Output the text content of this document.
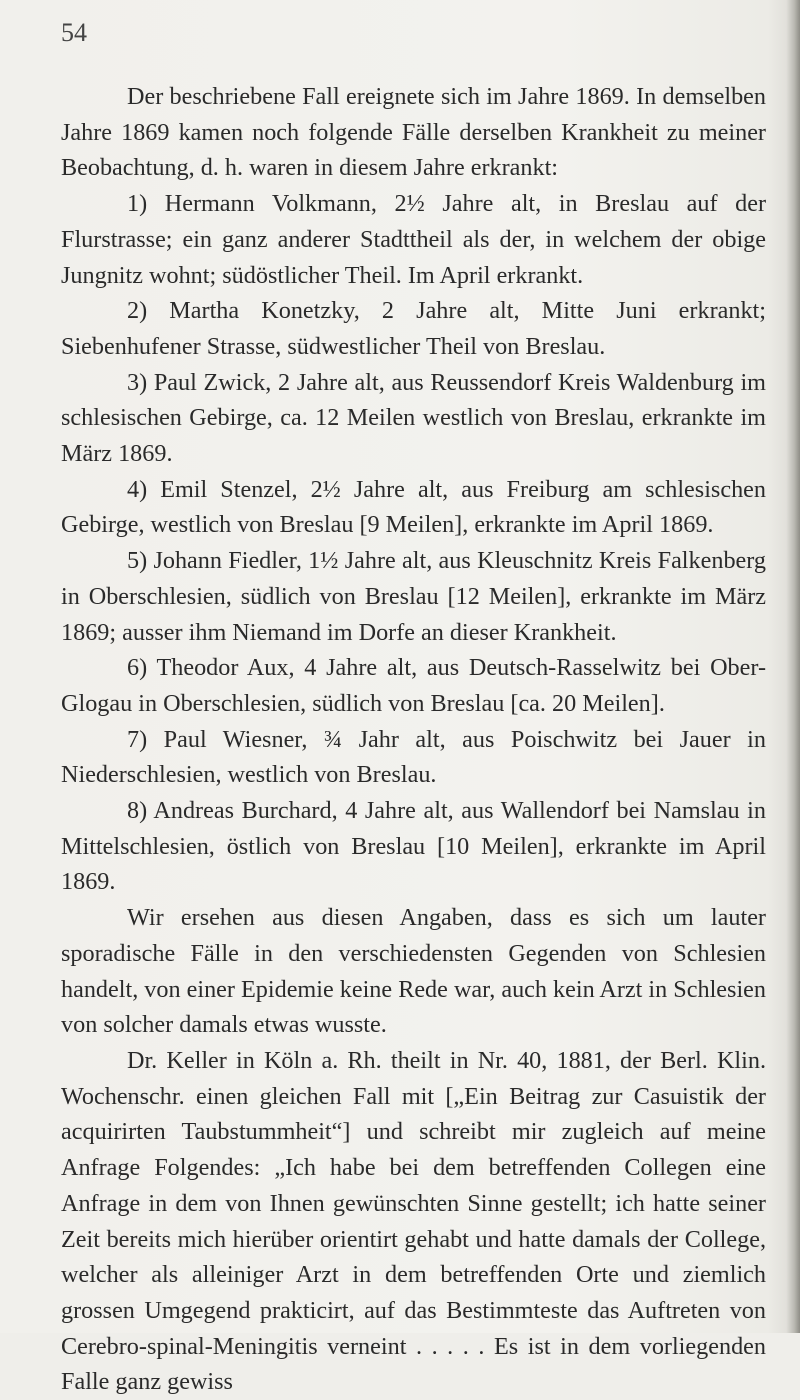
54

Der beschriebene Fall ereignete sich im Jahre 1869. In demselben Jahre 1869 kamen noch folgende Fälle derselben Krankheit zu meiner Beobachtung, d. h. waren in diesem Jahre erkrankt:

1) Hermann Volkmann, 2½ Jahre alt, in Breslau auf der Flurstrasse; ein ganz anderer Stadttheil als der, in welchem der obige Jungnitz wohnt; südöstlicher Theil. Im April erkrankt.

2) Martha Konetzky, 2 Jahre alt, Mitte Juni erkrankt; Siebenhufener Strasse, südwestlicher Theil von Breslau.

3) Paul Zwick, 2 Jahre alt, aus Reussendorf Kreis Waldenburg im schlesischen Gebirge, ca. 12 Meilen westlich von Breslau, erkrankte im März 1869.

4) Emil Stenzel, 2½ Jahre alt, aus Freiburg am schlesischen Gebirge, westlich von Breslau [9 Meilen], erkrankte im April 1869.

5) Johann Fiedler, 1½ Jahre alt, aus Kleuschnitz Kreis Falkenberg in Oberschlesien, südlich von Breslau [12 Meilen], erkrankte im März 1869; ausser ihm Niemand im Dorfe an dieser Krankheit.

6) Theodor Aux, 4 Jahre alt, aus Deutsch-Rasselwitz bei Ober-Glogau in Oberschlesien, südlich von Breslau [ca. 20 Meilen].

7) Paul Wiesner, ¾ Jahr alt, aus Poischwitz bei Jauer in Niederschlesien, westlich von Breslau.

8) Andreas Burchard, 4 Jahre alt, aus Wallendorf bei Namslau in Mittelschlesien, östlich von Breslau [10 Meilen], erkrankte im April 1869.

Wir ersehen aus diesen Angaben, dass es sich um lauter sporadische Fälle in den verschiedensten Gegenden von Schlesien handelt, von einer Epidemie keine Rede war, auch kein Arzt in Schlesien von solcher damals etwas wusste.

Dr. Keller in Köln a. Rh. theilt in Nr. 40, 1881, der Berl. Klin. Wochenschr. einen gleichen Fall mit [„Ein Beitrag zur Casuistik der acquirirten Taubstummheit“] und schreibt mir zugleich auf meine Anfrage Folgendes: „Ich habe bei dem betreffenden Collegen eine Anfrage in dem von Ihnen gewünschten Sinne gestellt; ich hatte seiner Zeit bereits mich hierüber orientirt gehabt und hatte damals der College, welcher als alleiniger Arzt in dem betreffenden Orte und ziemlich grossen Umgegend prakticirt, auf das Bestimmteste das Auftreten von Cerebro-spinal-Meningitis verneint . . . . . Es ist in dem vorliegenden Falle ganz gewiss
